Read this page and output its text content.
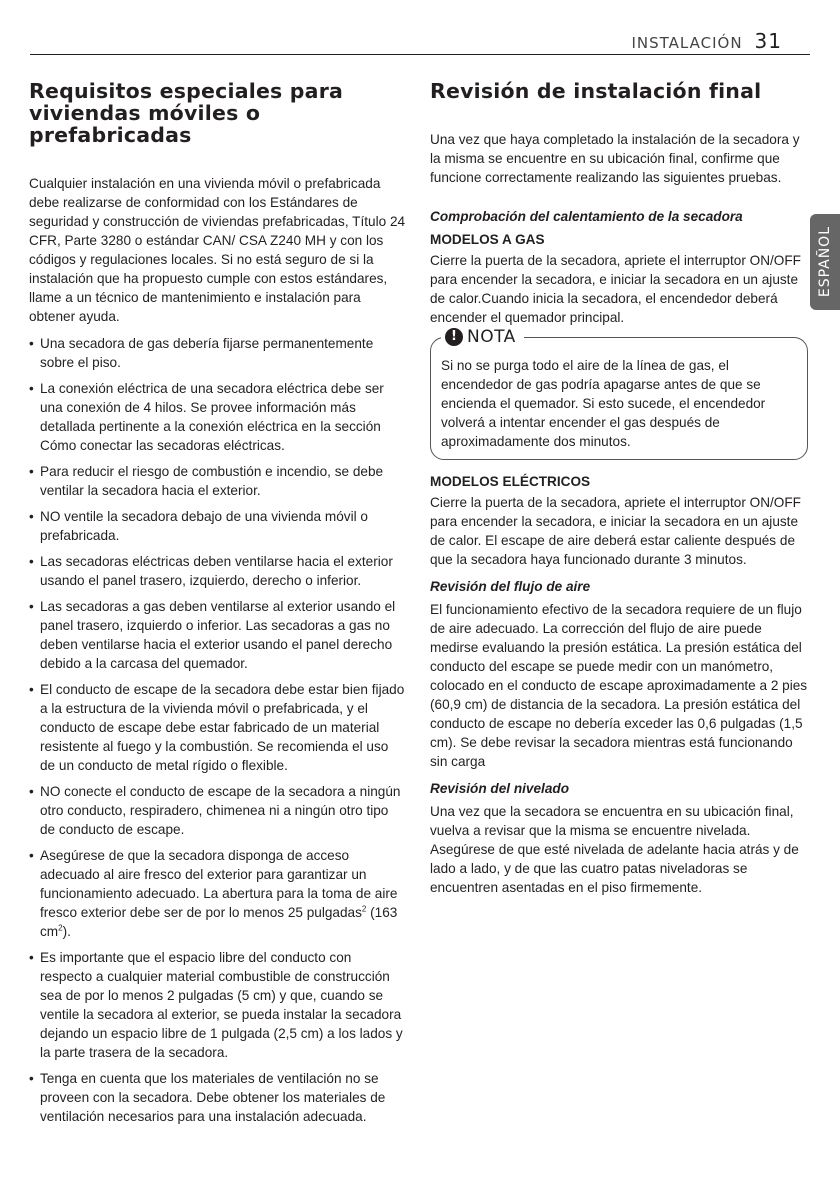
INSTALACIÓN 31
ESPAÑOL
Requisitos especiales para viviendas móviles o prefabricadas

Cualquier instalación en una vivienda móvil o prefabricada debe realizarse de conformidad con los Estándares de seguridad y construcción de viviendas prefabricadas, Título 24 CFR, Parte 3280 o estándar CAN/ CSA Z240 MH y con los códigos y regulaciones locales. Si no está seguro de si la instalación que ha propuesto cumple con estos estándares, llame a un técnico de mantenimiento e instalación para obtener ayuda.

• Una secadora de gas debería fijarse permanentemente sobre el piso.
• La conexión eléctrica de una secadora eléctrica debe ser una conexión de 4 hilos. Se provee información más detallada pertinente a la conexión eléctrica en la sección Cómo conectar las secadoras eléctricas.
• Para reducir el riesgo de combustión e incendio, se debe ventilar la secadora hacia el exterior.
• NO ventile la secadora debajo de una vivienda móvil o prefabricada.
• Las secadoras eléctricas deben ventilarse hacia el exterior usando el panel trasero, izquierdo, derecho o inferior.
• Las secadoras a gas deben ventilarse al exterior usando el panel trasero, izquierdo o inferior. Las secadoras a gas no deben ventilarse hacia el exterior usando el panel derecho debido a la carcasa del quemador.
• El conducto de escape de la secadora debe estar bien fijado a la estructura de la vivienda móvil o prefabricada, y el conducto de escape debe estar fabricado de un material resistente al fuego y la combustión. Se recomienda el uso de un conducto de metal rígido o flexible.
• NO conecte el conducto de escape de la secadora a ningún otro conducto, respiradero, chimenea ni a ningún otro tipo de conducto de escape.
• Asegúrese de que la secadora disponga de acceso adecuado al aire fresco del exterior para garantizar un funcionamiento adecuado. La abertura para la toma de aire fresco exterior debe ser de por lo menos 25 pulgadas$^2$ (163 $cm^2$).
• Es importante que el espacio libre del conducto con respecto a cualquier material combustible de construcción sea de por lo menos 2 pulgadas (5 cm) y que, cuando se ventile la secadora al exterior, se pueda instalar la secadora dejando un espacio libre de 1 pulgada (2,5 cm) a los lados y la parte trasera de la secadora.
• Tenga en cuenta que los materiales de ventilación no se proveen con la secadora. Debe obtener los materiales de ventilación necesarios para una instalación adecuada.
Revisión de instalación final

Una vez que haya completado la instalación de la secadora y la misma se encuentre en su ubicación final, confirme que funcione correctamente realizando las siguientes pruebas.

Comprobación del calentamiento de la secadora
MODELOS A GAS

Cierre la puerta de la secadora, apriete el interruptor ON/OFF para encender la secadora, e iniciar la secadora en un ajuste de calor.Cuando inicia la secadora, el encendedor deberá encender el quemador principal.

! NOTA

Si no se purga todo el aire de la línea de gas, el encendedor de gas podría apagarse antes de que se encienda el quemador. Si esto sucede, el encendedor volverá a intentar encender el gas después de aproximadamente dos minutos.

MODELOS ELÉCTRICOS

Cierre la puerta de la secadora, apriete el interruptor ON/OFF para encender la secadora, e iniciar la secadora en un ajuste de calor. El escape de aire deberá estar caliente después de que la secadora haya funcionado durante 3 minutos.

Revisión del flujo de aire

El funcionamiento efectivo de la secadora requiere de un flujo de aire adecuado. La corrección del flujo de aire puede medirse evaluando la presión estática. La presión estática del conducto del escape se puede medir con un manómetro, colocado en el conducto de escape aproximadamente a 2 pies (60,9 cm) de distancia de la secadora. La presión estática del conducto de escape no debería exceder las 0,6 pulgadas (1,5 cm). Se debe revisar la secadora mientras está funcionando sin carga

Revisión del nivelado

Una vez que la secadora se encuentra en su ubicación final, vuelva a revisar que la misma se encuentre nivelada. Asegúrese de que esté nivelada de adelante hacia atrás y de lado a lado, y de que las cuatro patas niveladoras se encuentren asentadas en el piso firmemente.
